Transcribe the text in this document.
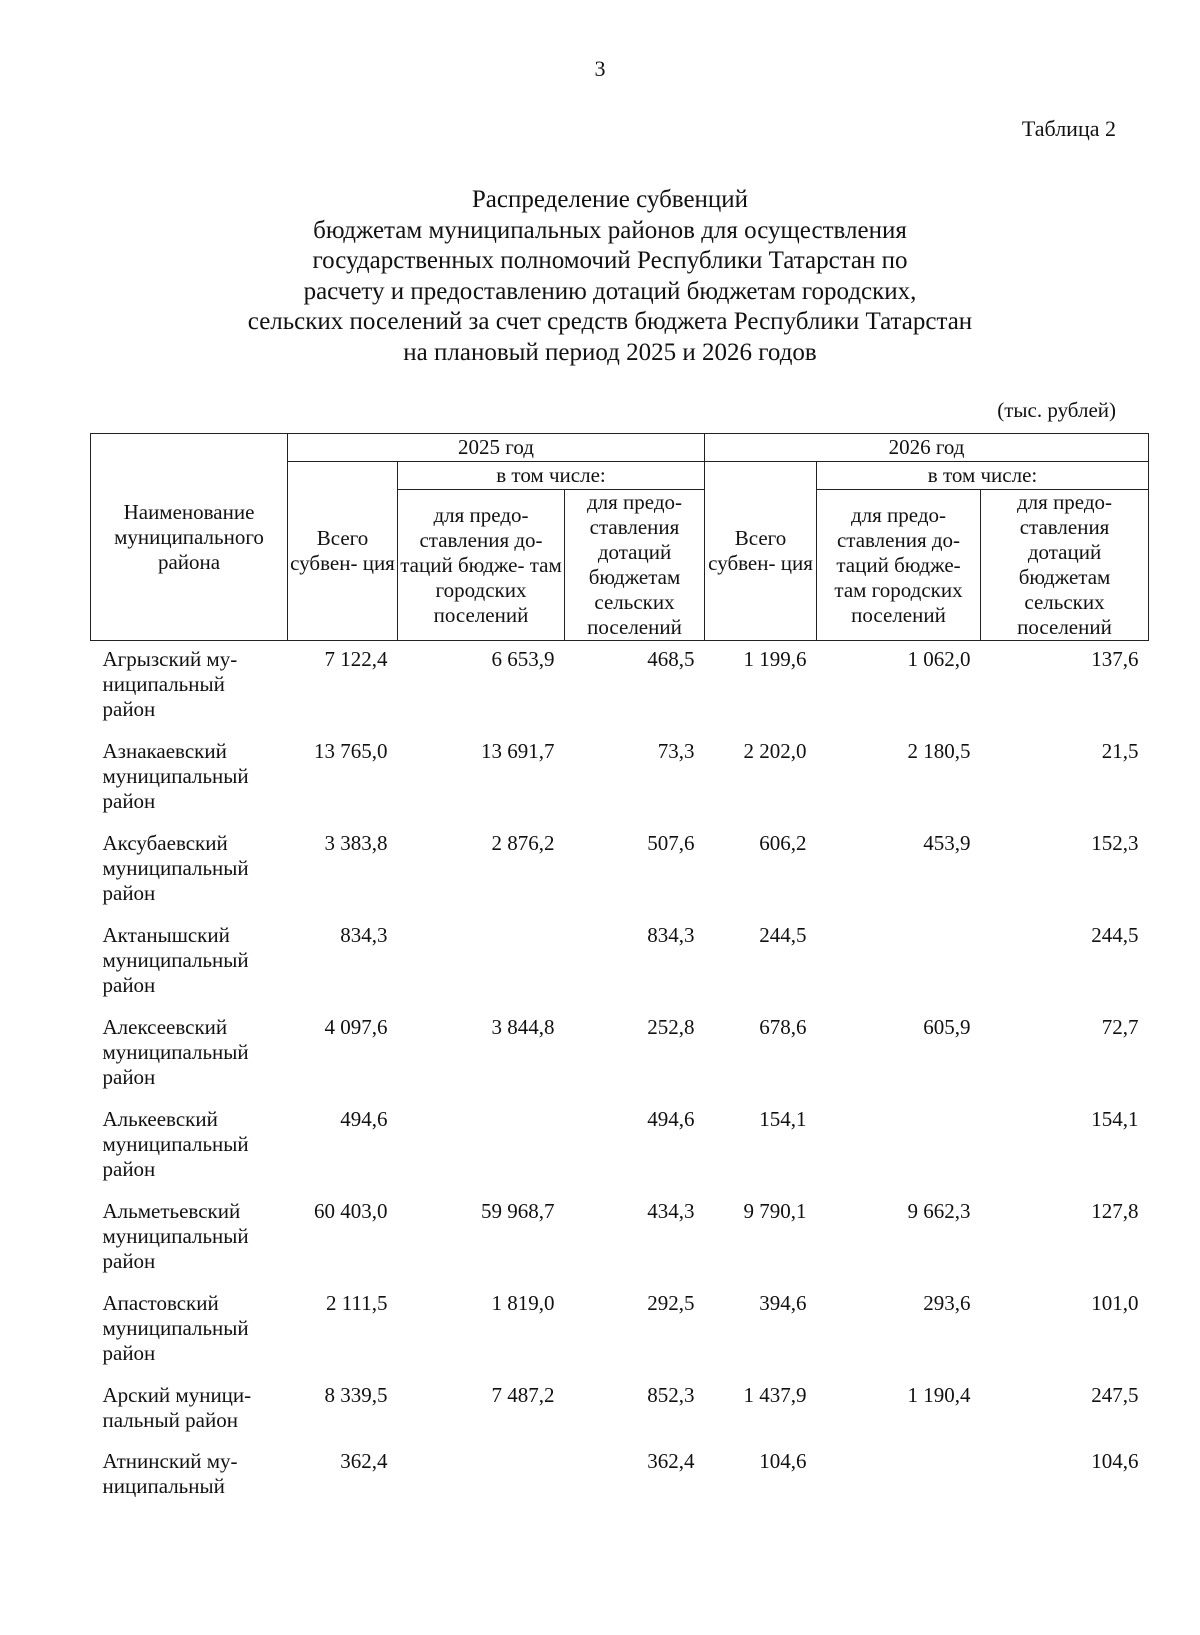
3
Таблица 2
Распределение субвенций
бюджетам муниципальных районов для осуществления
государственных полномочий Республики Татарстан по
расчету и предоставлению дотаций бюджетам городских,
сельских поселений за счет средств бюджета Республики Татарстан
на плановый период 2025 и 2026 годов
(тыс. рублей)
Наименование муниципального района	2025 год			2026 год		
	Всего субвен- ция	в том числе:		Всего субвен- ция	в том числе:	
		для предо- ставления до- таций бюдже- там городских поселений	для предо- ставления дотаций бюджетам сельских поселений		для предо- ставления до- таций бюдже- там городских поселений	для предо- ставления дотаций бюджетам сельских поселений
Агрызский му- ниципальный район	7 122,4	6 653,9	468,5	1 199,6	1 062,0	137,6
Азнакаевский муниципальный район	13 765,0	13 691,7	73,3	2 202,0	2 180,5	21,5
Аксубаевский муниципальный район	3 383,8	2 876,2	507,6	606,2	453,9	152,3
Актанышский муниципальный район	834,3		834,3	244,5		244,5
Алексеевский муниципальный район	4 097,6	3 844,8	252,8	678,6	605,9	72,7
Алькеевский муниципальный район	494,6		494,6	154,1		154,1
Альметьевский муниципальный район	60 403,0	59 968,7	434,3	9 790,1	9 662,3	127,8
Апастовский муниципальный район	2 111,5	1 819,0	292,5	394,6	293,6	101,0
Арский муници- пальный район	8 339,5	7 487,2	852,3	1 437,9	1 190,4	247,5
Атнинский му- ниципальный	362,4		362,4	104,6		104,6
